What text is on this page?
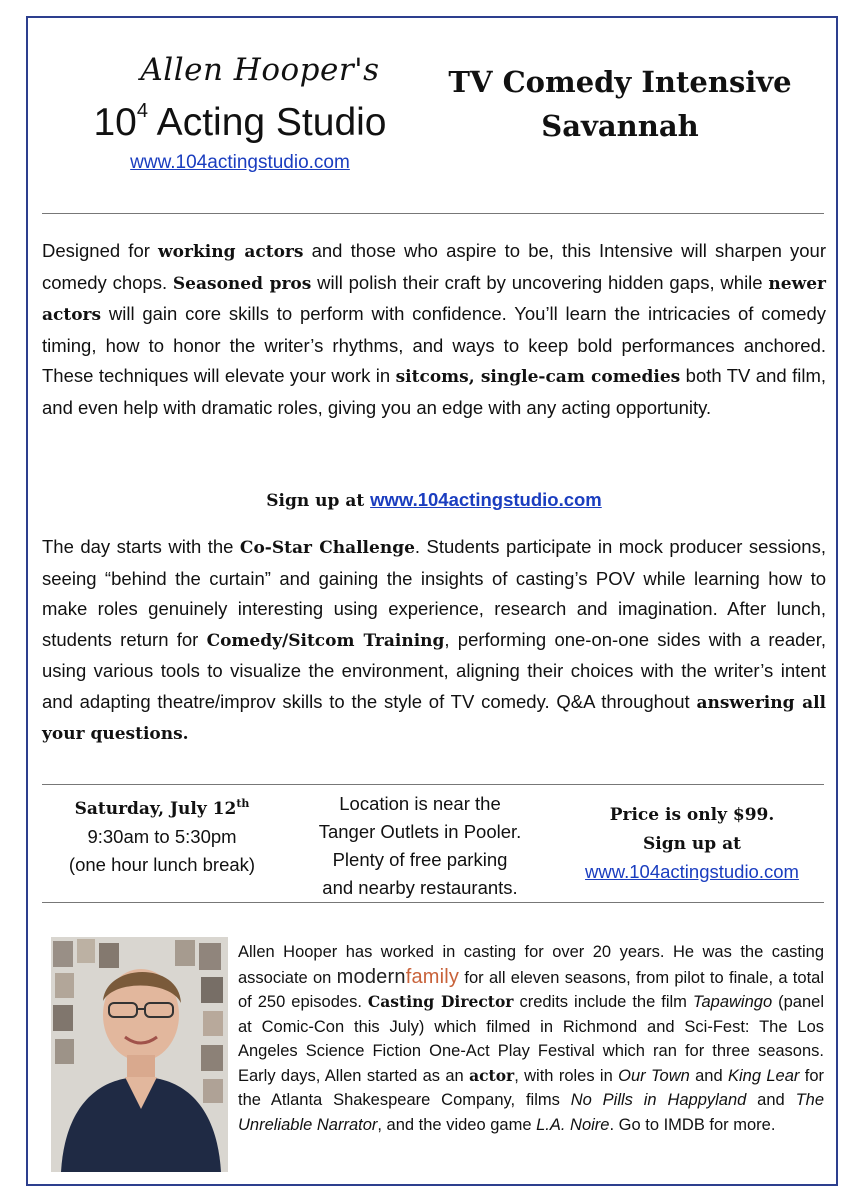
Allen Hooper's
$10^4$ Acting Studio
www.104actingstudio.com
TV Comedy Intensive
Savannah
Designed for working actors and those who aspire to be, this Intensive will sharpen your comedy chops. Seasoned pros will polish their craft by uncovering hidden gaps, while newer actors will gain core skills to perform with confidence. You’ll learn the intricacies of comedy timing, how to honor the writer’s rhythms, and ways to keep bold performances anchored. These techniques will elevate your work in sitcoms, single-cam comedies both TV and film, and even help with dramatic roles, giving you an edge with any acting opportunity.
Sign up at www.104actingstudio.com
The day starts with the Co-Star Challenge. Students participate in mock producer sessions, seeing “behind the curtain” and gaining the insights of casting’s POV while learning how to make roles genuinely interesting using experience, research and imagination. After lunch, students return for Comedy/Sitcom Training, performing one-on-one sides with a reader, using various tools to visualize the environment, aligning their choices with the writer’s intent and adapting theatre/improv skills to the style of TV comedy. Q&A throughout answering all your questions.
Saturday, July 12th
9:30am to 5:30pm
(one hour lunch break)
Location is near the
Tanger Outlets in Pooler.
Plenty of free parking
and nearby restaurants.
Price is only $99.
Sign up at
www.104actingstudio.com
Allen Hooper has worked in casting for over 20 years. He was the casting associate on modernfamily for all eleven seasons, from pilot to finale, a total of 250 episodes. Casting Director credits include the film Tapawingo (panel at Comic-Con this July) which filmed in Richmond and Sci-Fest: The Los Angeles Science Fiction One-Act Play Festival which ran for three seasons. Early days, Allen started as an actor, with roles in Our Town and King Lear for the Atlanta Shakespeare Company, films No Pills in Happyland and The Unreliable Narrator, and the video game L.A. Noire. Go to IMDB for more.
